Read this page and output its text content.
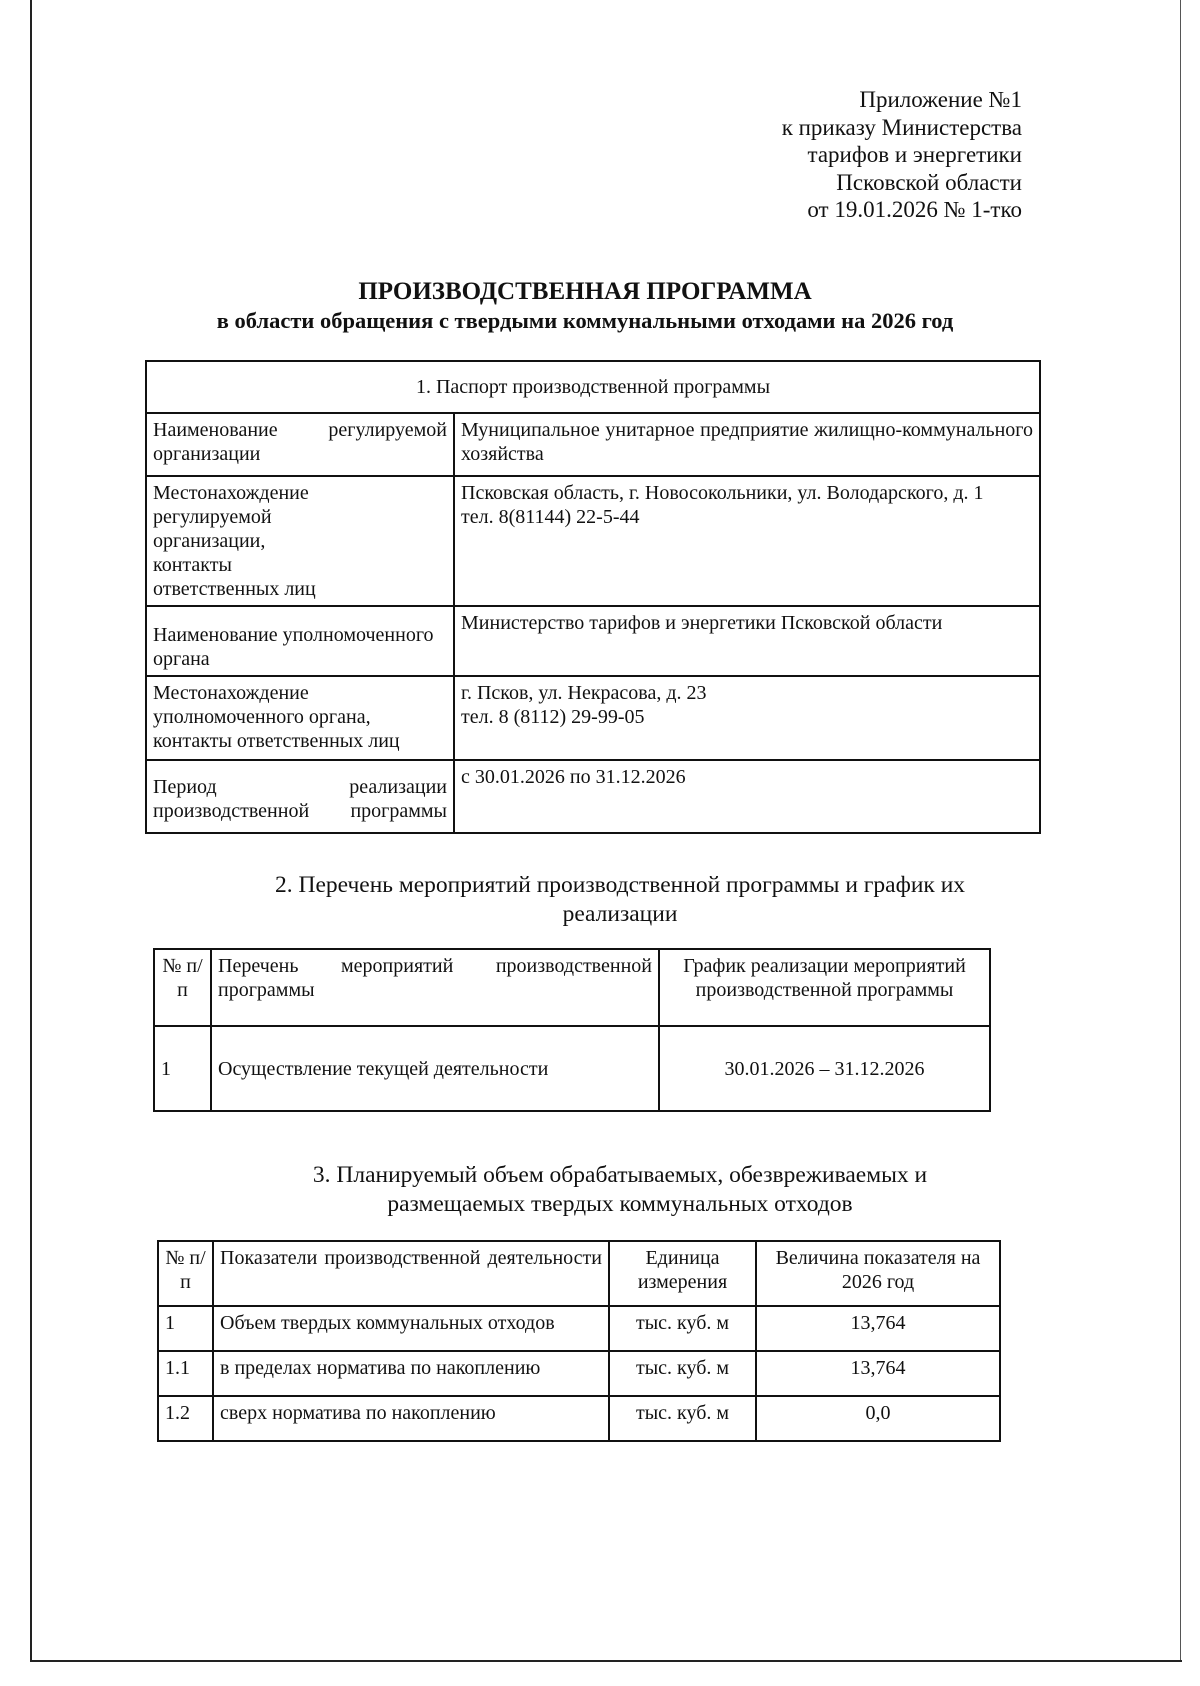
Приложение №1
к приказу Министерства
тарифов и энергетики
Псковской области
от 19.01.2026 № 1-тко
ПРОИЗВОДСТВЕННАЯ ПРОГРАММА
в области обращения с твердыми коммунальными отходами на 2026 год
1. Паспорт производственной программы	
Наименование регулируемой организации	Муниципальное унитарное предприятие жилищно-коммунального хозяйства

Местонахождение регулируемой организации, контакты ответственных лиц	Псковская область, г. Новосокольники, ул. Володарского, д. 1
тел. 8(81144) 22-5-44

Наименование уполномоченного органа	Министерство тарифов и энергетики Псковской области

Местонахождение уполномоченного органа, контакты ответственных лиц	г. Псков, ул. Некрасова, д. 23
тел. 8 (8112) 29-99-05

Период реализации производственной программы	с 30.01.2026 по 31.12.2026
2. Перечень мероприятий производственной программы и график их реализации
№ п/п	Перечень мероприятий производственной программы	График реализации мероприятий производственной программы
1	Осуществление текущей деятельности	30.01.2026 – 31.12.2026
3. Планируемый объем обрабатываемых, обезвреживаемых и размещаемых твердых коммунальных отходов
№ п/п	Показатели производственной деятельности	Единица измерения	Величина показателя на 2026 год
1	Объем твердых коммунальных отходов	тыс. куб. м	13,764
1.1	в пределах норматива по накоплению	тыс. куб. м	13,764
1.2	сверх норматива по накоплению	тыс. куб. м	0,0
